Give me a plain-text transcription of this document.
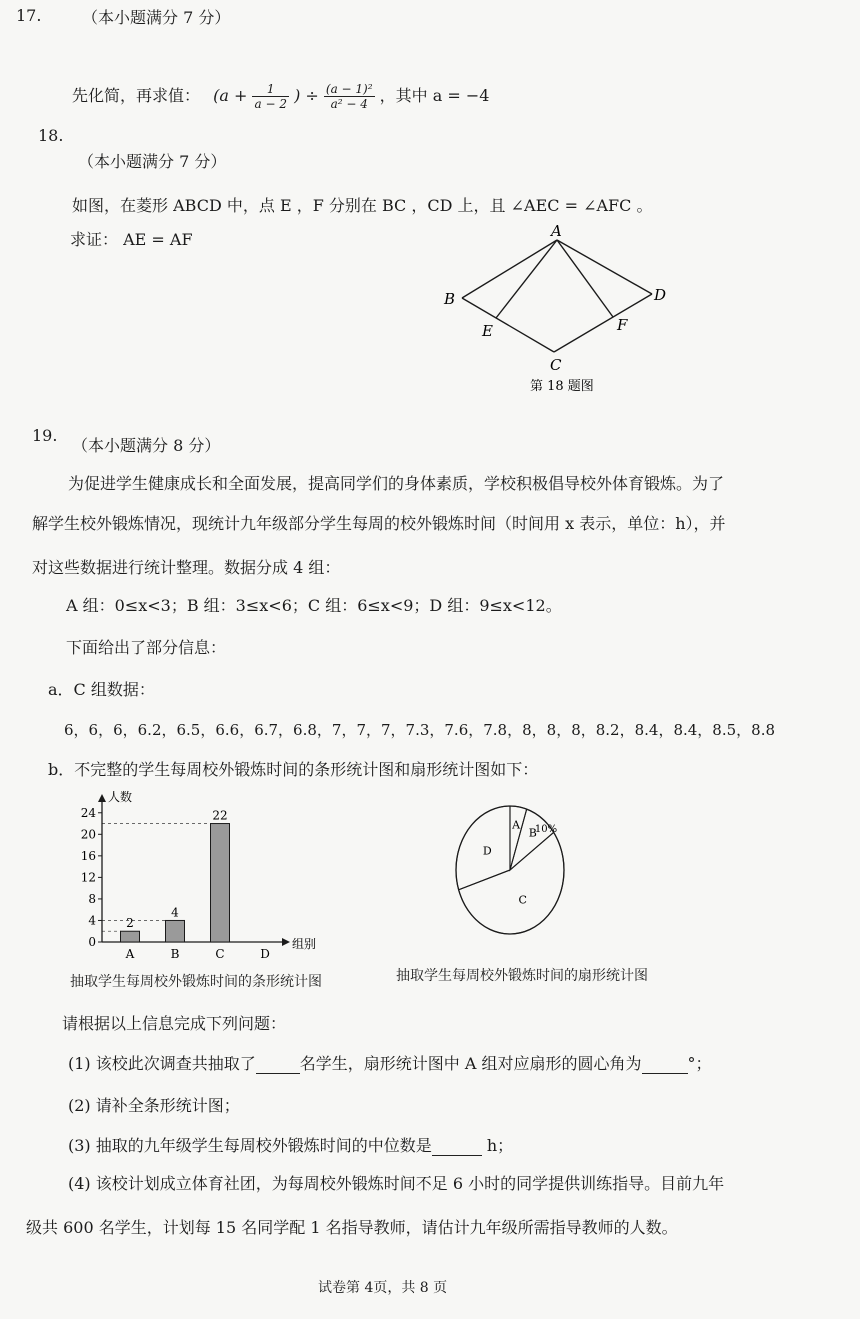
17.	（本小题满分 7 分）
先化简，再求值： ($a + \frac{1}{a - 2}$ ) ÷ $\frac{\text{(a − 1)²}}{\text{a² − 4}}$ ，其中 a = −4
18.
（本小题满分 7 分）
如图，在菱形 ABCD 中，点 E ，F 分别在 BC ，CD 上，且 ∠AEC = ∠AFC 。
求证： AE = AF	A
B
C
D
E	F
第 18 题图
19.
（本小题满分 8 分）
为促进学生健康成长和全面发展，提高同学们的身体素质，学校积极倡导校外体育锻炼。为了
解学生校外锻炼情况，现统计九年级部分学生每周的校外锻炼时间（时间用 x 表示，单位：h），并
对这些数据进行统计整理。数据分成 4 组：
A 组：0≤x<3；B 组：3≤x<6；C 组：6≤x<9；D 组：9≤x<12。
下面给出了部分信息：
a．C 组数据：
6，6，6，6.2，6.5，6.6，6.7，6.8，7，7，7，7.3，7.6，7.8，8，8，8，8.2，8.4，8.4，8.5，8.8
b．不完整的学生每周校外锻炼时间的条形统计图和扇形统计图如下：
人数
组别
0
4
8
12
16
20
24
A	B	C	D
2
4
22
抽取学生每周校外锻炼时间的条形统计图
A
B
10%
C
D
抽取学生每周校外锻炼时间的扇形统计图
请根据以上信息完成下列问题：
(1) 该校此次调查共抽取了	名学生，扇形统计图中 A 组对应扇形的圆心角为	°；
(2) 请补全条形统计图；
(3) 抽取的九年级学生每周校外锻炼时间的中位数是	h；
(4) 该校计划成立体育社团，为每周校外锻炼时间不足 6 小时的同学提供训练指导。目前九年
级共 600 名学生，计划每 15 名同学配 1 名指导教师，请估计九年级所需指导教师的人数。
试卷第 4页，共 8 页
